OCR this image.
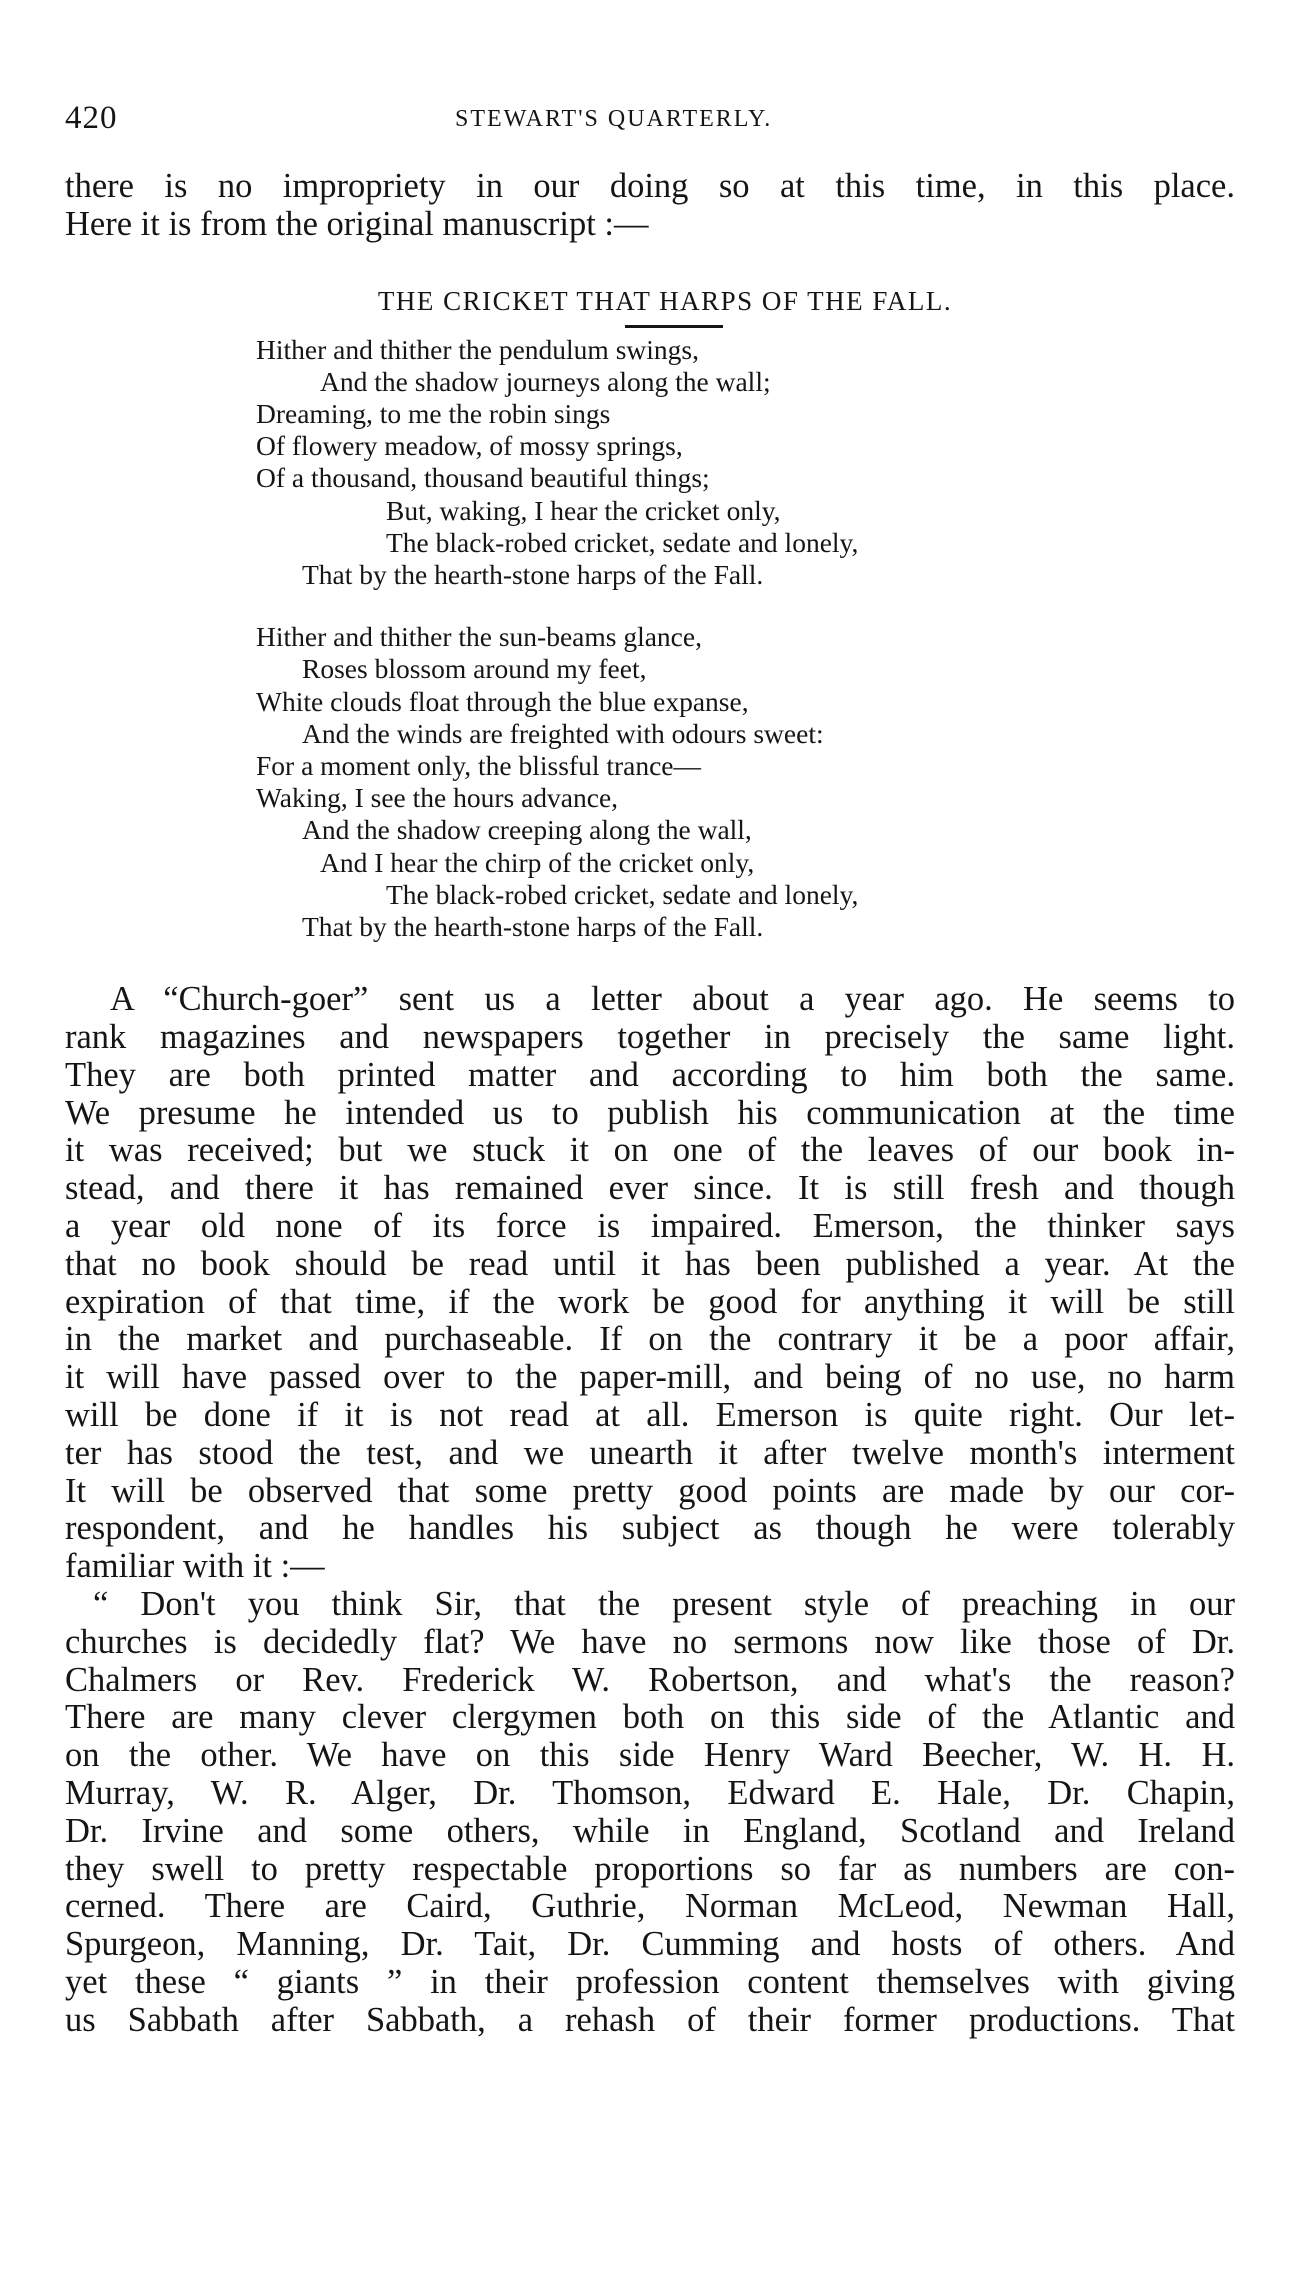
420	STEWART'S QUARTERLY.

there is no impropriety in our doing so at this time, in this place.

Here it is from the original manuscript :—

THE CRICKET THAT HARPS OF THE FALL.
Hither and thither the pendulum swings,
And the shadow journeys along the wall;
Dreaming, to me the robin sings
Of flowery meadow, of mossy springs,
Of a thousand, thousand beautiful things;
But, waking, I hear the cricket only,
The black-robed cricket, sedate and lonely,
That by the hearth-stone harps of the Fall.
Hither and thither the sun-beams glance,
Roses blossom around my feet,
White clouds float through the blue expanse,
And the winds are freighted with odours sweet:
For a moment only, the blissful trance—
Waking, I see the hours advance,
And the shadow creeping along the wall,
And I hear the chirp of the cricket only,
The black-robed cricket, sedate and lonely,
That by the hearth-stone harps of the Fall.

A “Church-goer” sent us a letter about a year ago. He seems to

rank magazines and newspapers together in precisely the same light.

They are both printed matter and according to him both the same.

We presume he intended us to publish his communication at the time

it was received; but we stuck it on one of the leaves of our book in-

stead, and there it has remained ever since. It is still fresh and though

a year old none of its force is impaired. Emerson, the thinker says

that no book should be read until it has been published a year. At the

expiration of that time, if the work be good for anything it will be still

in the market and purchaseable. If on the contrary it be a poor affair,

it will have passed over to the paper-mill, and being of no use, no harm

will be done if it is not read at all. Emerson is quite right. Our let-

ter has stood the test, and we unearth it after twelve month's interment

It will be observed that some pretty good points are made by our cor-

respondent, and he handles his subject as though he were tolerably

familiar with it :—

“ Don't you think Sir, that the present style of preaching in our

churches is decidedly flat? We have no sermons now like those of Dr.

Chalmers or Rev. Frederick W. Robertson, and what's the reason?

There are many clever clergymen both on this side of the Atlantic and

on the other. We have on this side Henry Ward Beecher, W. H. H.

Murray, W. R. Alger, Dr. Thomson, Edward E. Hale, Dr. Chapin,

Dr. Irvine and some others, while in England, Scotland and Ireland

they swell to pretty respectable proportions so far as numbers are con-

cerned. There are Caird, Guthrie, Norman McLeod, Newman Hall,

Spurgeon, Manning, Dr. Tait, Dr. Cumming and hosts of others. And

yet these “ giants ” in their profession content themselves with giving

us Sabbath after Sabbath, a rehash of their former productions. That
